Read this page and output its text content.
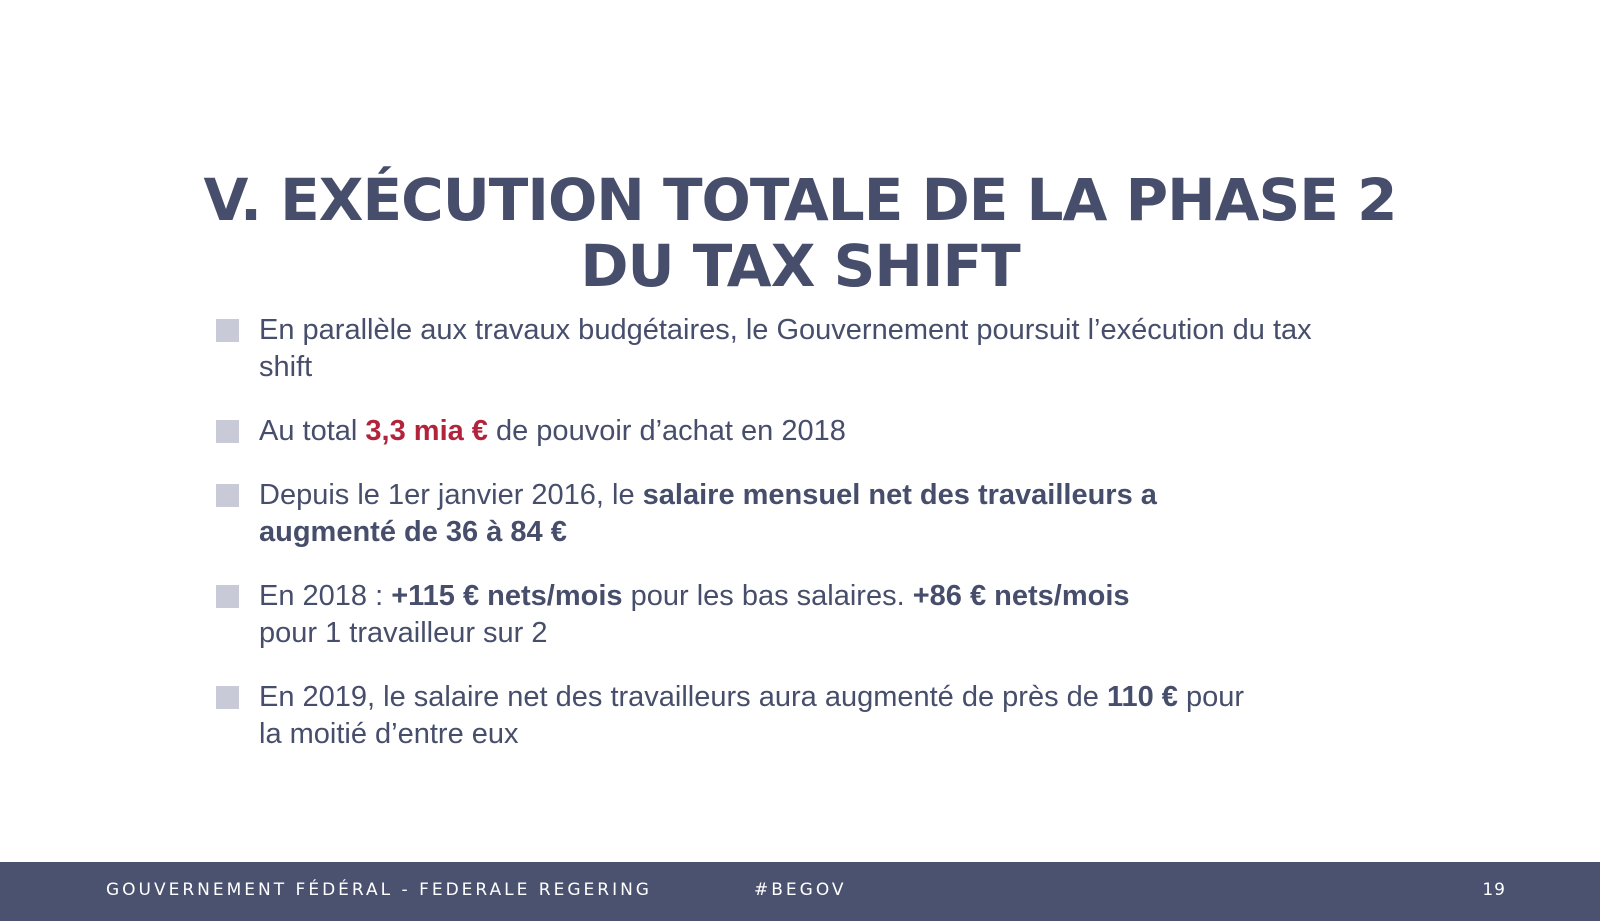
V. EXÉCUTION TOTALE DE LA PHASE 2
DU TAX SHIFT
En parallèle aux travaux budgétaires, le Gouvernement poursuit l’exécution du tax shift
Au total 3,3 mia € de pouvoir d’achat en 2018
Depuis le 1er janvier 2016, le salaire mensuel net des travailleurs a augmenté de 36 à 84 €
En 2018 : +115 € nets/mois pour les bas salaires. +86 € nets/mois pour 1 travailleur sur 2
En 2019, le salaire net des travailleurs aura augmenté de près de 110 € pour la moitié d’entre eux
GOUVERNEMENT FÉDÉRAL - FEDERALE REGERING	#BEGOV	19
